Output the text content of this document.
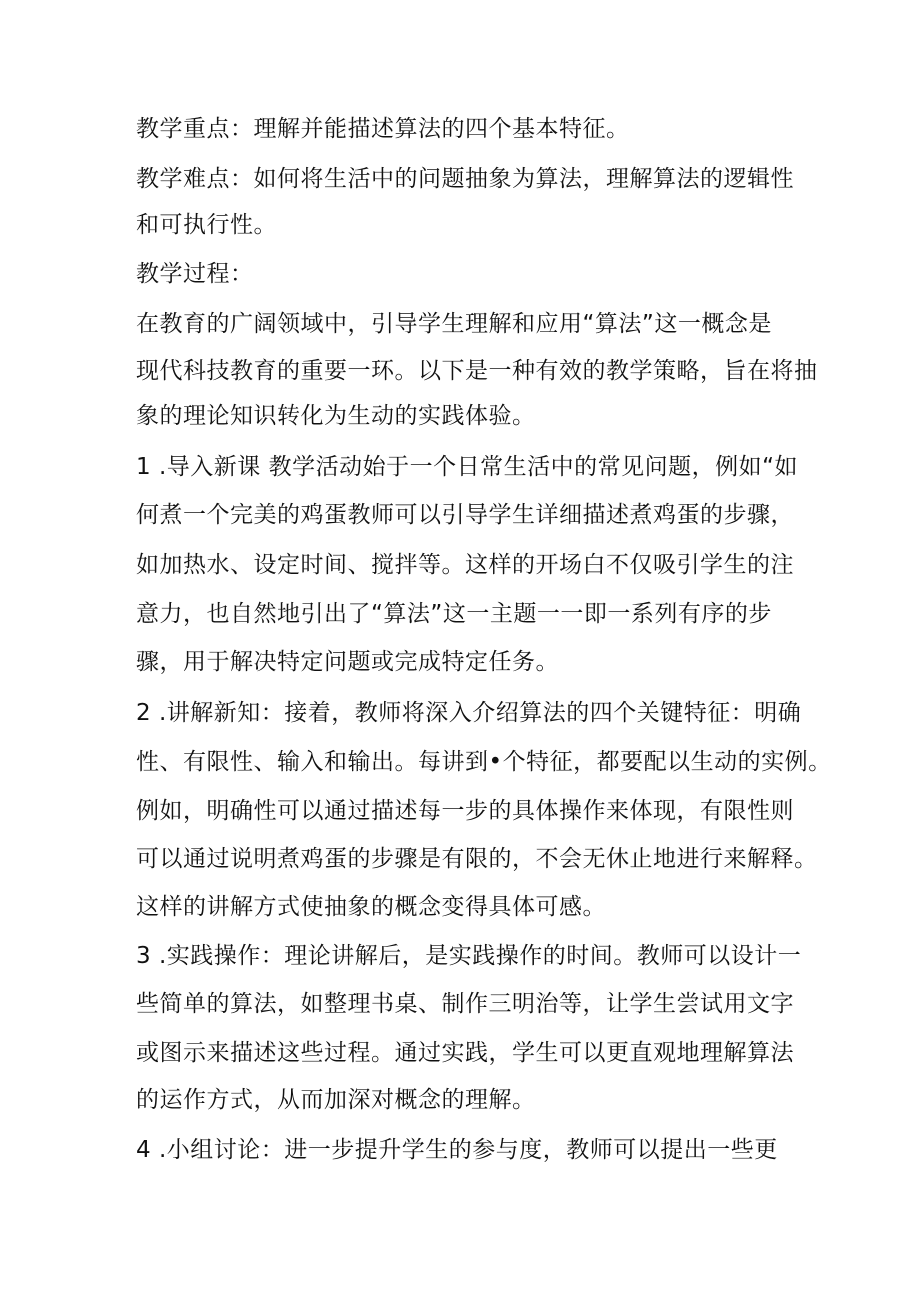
教学重点：理解并能描述算法的四个基本特征。
教学难点：如何将生活中的问题抽象为算法，理解算法的逻辑性
和可执行性。
教学过程：
在教育的广阔领域中，引导学生理解和应用“算法”这一概念是
现代科技教育的重要一环。以下是一种有效的教学策略，旨在将抽
象的理论知识转化为生动的实践体验。
1 .导入新课 教学活动始于一个日常生活中的常见问题，例如“如
何煮一个完美的鸡蛋教师可以引导学生详细描述煮鸡蛋的步骤，
如加热水、设定时间、搅拌等。这样的开场白不仅吸引学生的注
意力，也自然地引出了“算法”这一主题一一即一系列有序的步
骤，用于解决特定问题或完成特定任务。
2 .讲解新知：接着，教师将深入介绍算法的四个关键特征：明确
性、有限性、输入和输出。每讲到•个特征，都要配以生动的实例。
例如，明确性可以通过描述每一步的具体操作来体现，有限性则
可以通过说明煮鸡蛋的步骤是有限的，不会无休止地进行来解释。
这样的讲解方式使抽象的概念变得具体可感。
3 .实践操作：理论讲解后，是实践操作的时间。教师可以设计一
些简单的算法，如整理书桌、制作三明治等，让学生尝试用文字
或图示来描述这些过程。通过实践，学生可以更直观地理解算法
的运作方式，从而加深对概念的理解。
4 .小组讨论：进一步提升学生的参与度，教师可以提出一些更
